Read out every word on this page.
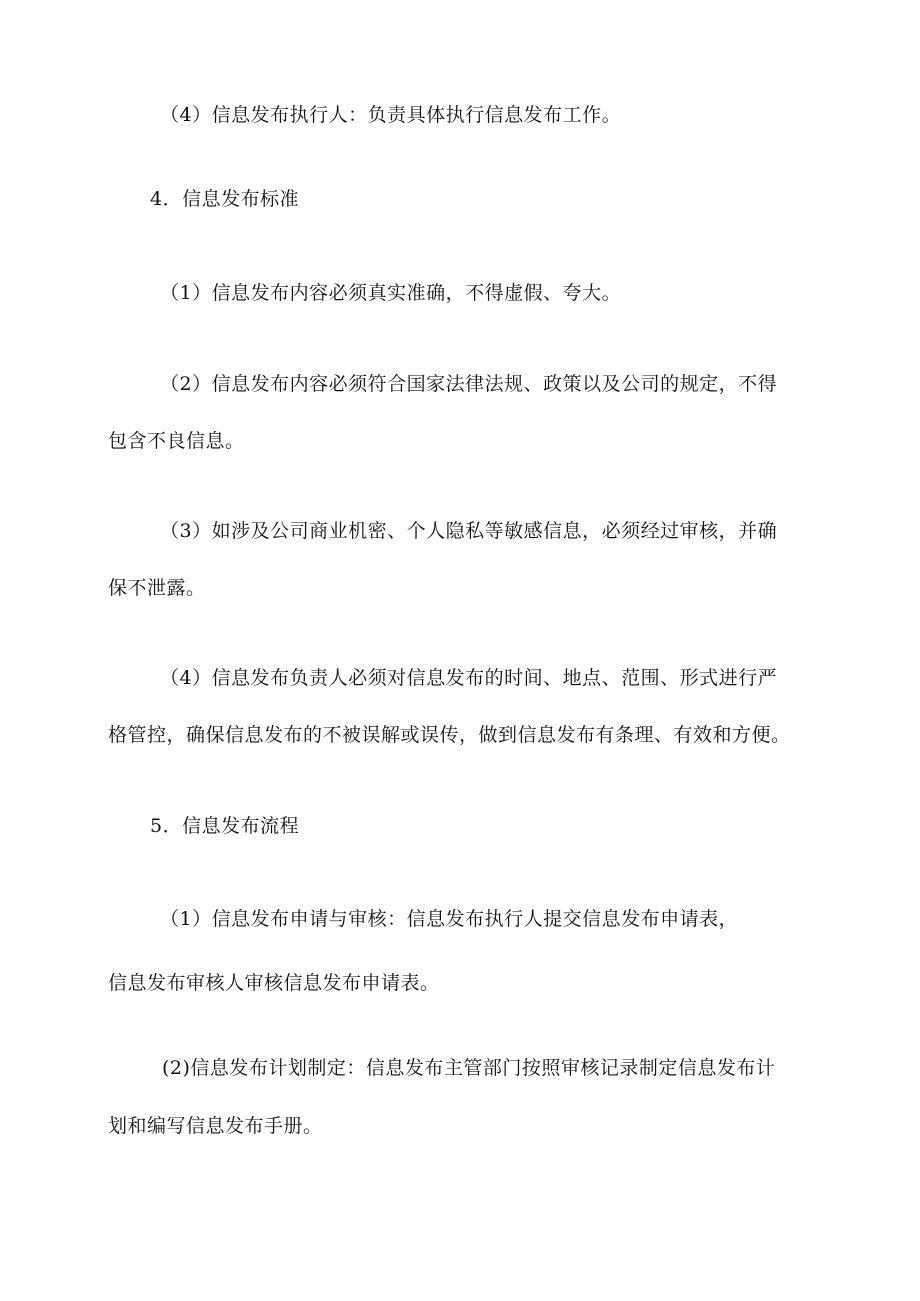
（4）信息发布执行人：负责具体执行信息发布工作。
4．信息发布标准
（1）信息发布内容必须真实准确，不得虚假、夸大。
（2）信息发布内容必须符合国家法律法规、政策以及公司的规定，不得
包含不良信息。
（3）如涉及公司商业机密、个人隐私等敏感信息，必须经过审核，并确
保不泄露。
（4）信息发布负责人必须对信息发布的时间、地点、范围、形式进行严
格管控，确保信息发布的不被误解或误传，做到信息发布有条理、有效和方便。
5．信息发布流程
（1）信息发布申请与审核：信息发布执行人提交信息发布申请表，
信息发布审核人审核信息发布申请表。
(2)信息发布计划制定：信息发布主管部门按照审核记录制定信息发布计
划和编写信息发布手册。
